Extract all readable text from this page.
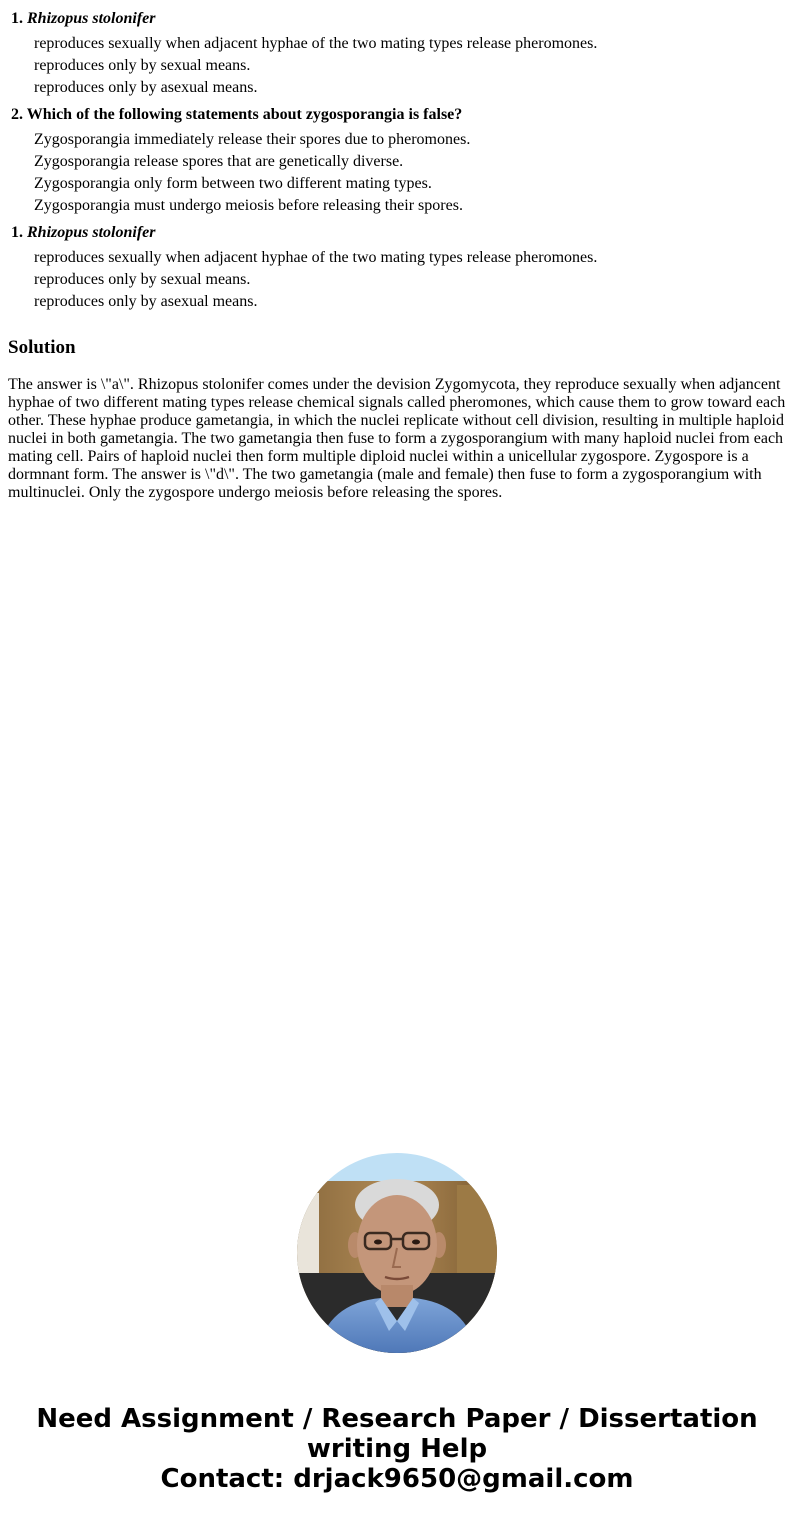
1. Rhizopus stolonifer

reproduces sexually when adjacent hyphae of the two mating types release pheromones.
reproduces only by sexual means.
reproduces only by asexual means.

2. Which of the following statements about zygosporangia is false?

Zygosporangia immediately release their spores due to pheromones.
Zygosporangia release spores that are genetically diverse.
Zygosporangia only form between two different mating types.
Zygosporangia must undergo meiosis before releasing their spores.

1. Rhizopus stolonifer

reproduces sexually when adjacent hyphae of the two mating types release pheromones.
reproduces only by sexual means.
reproduces only by asexual means.
Solution

The answer is \"a\". Rhizopus stolonifer comes under the devision Zygomycota, they reproduce sexually when adjancent hyphae of two different mating types release chemical signals called pheromones, which cause them to grow toward each other. These hyphae produce gametangia, in which the nuclei replicate without cell division, resulting in multiple haploid nuclei in both gametangia. The two gametangia then fuse to form a zygosporangium with many haploid nuclei from each mating cell. Pairs of haploid nuclei then form multiple diploid nuclei within a unicellular zygospore. Zygospore is a dormnant form. The answer is \"d\". The two gametangia (male and female) then fuse to form a zygosporangium with multinuclei. Only the zygospore undergo meiosis before releasing the spores.

Need Assignment / Research Paper / Dissertation
writing Help
Contact: drjack9650@gmail.com
